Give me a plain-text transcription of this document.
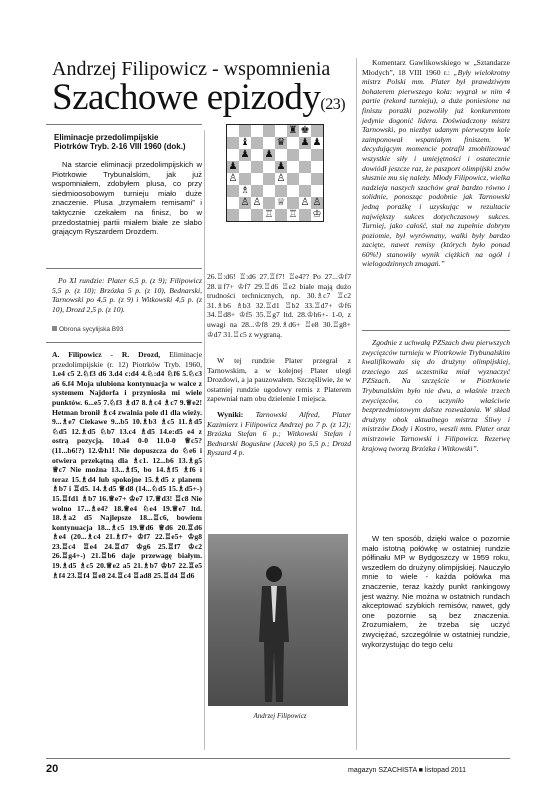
Andrzej Filipowicz - wspomnienia
Szachowe epizody(23)
Eliminacje przedolimpijskie
Piotrków Tryb. 2-16 VIII 1960 (dok.)
Na starcie eliminacji przedolimpijskich w Piotrkowie Trybunalskim, jak już wspomniałem, zdobyłem plusa, co przy siedmioosobowym turnieju miało duże znaczenie. Plusa „trzymałem remisami” i taktycznie czekałem na finisz, bo w przedostatniej partii miałem białe ze słabo grającym Ryszardem Drozdem.
Po XI rundzie: Plater 6,5 p. (z 9); Filipowicz 5,5 p. (z 10); Brzózka 5 p. (z 10), Bednarski, Tarnowski po 4,5 p. (z 9) i Witkowski 4,5 p. (z 10), Drozd 2,5 p. (z 10).
Obrona sycylijska B93
A. Filipowicz - R. Drozd, Eliminacje przedolimpijskie (r. 12) Piotrków Tryb. 1960, 1.e4 c5 2.♘f3 d6 3.d4 c:d4 4.♘:d4 ♘f6 5.♘c3 a6 6.f4 Moja ulubiona kontynuacja w walce z systemem Najdorfa i przyniosła mi wiele punktów. 6...e5 7.♘f3 ♗d7 8.♗c4 ♗c7 9.♕e2! Hetman bronił ♗c4 zwalnia pole d1 dla wieży. 9...♗e7 Ciekawe 9...b5 10.♗b3 ♗c5 11.♗d5 ♘d5 12.♗d5 ♘b7 13.c4 ♗d5 14.e:d5 e4 z ostrą pozycją. 10.a4 0-0 11.0-0 ♕c5? (11...b6!?) 12.♔h1! Nie dopuszcza do ♘e6 i otwiera przekątną dla ♗c1. 12...b6 13.♗g5 ♕c7 Nie można 13...♗f5, bo 14.♗f5 ♗f6 i teraz 15.♗d4 lub spokojne 15.♗d5 z planem ♗b7 i ♖d5. 14.♗d5 ♕d8 (14...♘d5 15.♗d5+-) 15.♖fd1 ♗b7 16.♕e7+ ♔e7 17.♕d3! ♖c8 Nie wolno 17...♗e4? 18.♕e4 ♘e4 19.♕e7 ltd. 18.♗a2 d5 Najlepsze 18...♖c6, bowiem kontynuacja 18...♗c5 19.♕d6 ♕d6 20.♖d6 ♗e4 (20...♗c4 21.♗f7+ ♔f7 22.♖e5+ ♔g8 23.♖c4 ♖e4 24.♖d7 ♔g6 25.♖f7 ♔c2 26.♖g4+-) 21.♖b6 daje przewagę białym. 19.♗d5 ♗c5 20.♕e2 a5 21.♗b7 ♔b7 22.♖e5 ♗f4 23.♖f4 ♖e8 24.♖c4 ♖ad8 25.♖d4 ♖d6
♜ ♚
♝	♛ ♟ ♟
♟ ♟
♟	♟
♙	♙
♗
♙ ♙ ♕ ♙ ♙
♖ ♖ ♔
26.♖:d6! ♖:d6 27.♖f7! ♖e4?? Po 27...♔f7 28.♕f7+ ♔f7 29.♖d6 ♖e2 białe mają dużo trudności technicznych, np. 30.♗c7 ♖c2 31.♗b6 ♗b3 32.♖d1 ♖b2 33.♖d7+ ♔f6 34.♖d8+ ♔f5 35.♖g7 ltd. 28.♔h6+- 1-0, z uwagi na 28...♔f8 29.♗d6+ ♖e8 30.♖g8+ ♔d7 31.♖c5 z wygraną.
W tej rundzie Plater przegrał z Tarnowskim, a w kolejnej Plater uległ Drozdowi, a ja pauzowałem. Szczęśliwie, że w ostatniej rundzie ugodowy remis z Platerem zapewniał nam obu dzielenie I miejsca.
Wyniki: Tarnowski Alfred, Plater Kazimierz i Filipowicz Andrzej po 7 p. (z 12); Brzózka Stefan 6 p.; Witkowski Stefan i Bednarski Bogusław (Jacek) po 5,5 p.; Drozd Ryszard 4 p.
Andrzej Filipowicz
Komentarz Gawlikowskiego w „Sztandarze Młodych”, 18 VIII 1960 r.: „Były wielokrotny mistrz Polski mm. Plater był prawdziwym bohaterem pierwszego koła: wygrał w nim 4 partie (rekord turnieju), a duże poniesione na finiszu porażki pozwoliły już konkurentom jedynie dogonić lidera. Doświadczony mistrz Tarnowski, po niezbyt udanym pierwszym kole zaimponował wspaniałym finiszem. W decydującym momencie potrafił zmobilizować wszystkie siły i umiejętności i ostatecznie dowiódł jeszcze raz, że paszport olimpijski znów słusznie mu się należy. Młody Filipowicz, wielka nadzieja naszych szachów grał bardzo równo i solidnie, ponosząc podobnie jak Tarnowski jedną porażkę i uzyskując w rezultacie największy sukces dotychczasowy sukces. Turniej, jako całość, stał na zupełnie dobrym poziomie, był wyrównany, walki były bardzo zacięte, nawet remisy (których było ponad 60%!) stanowiły wynik ciężkich na ogół i wielogodzinnych zmagań.”
Zgodnie z uchwałą PZSzach dwu pierwszych zwycięzców turnieju w Piotrkowie Trybunalskim kwalifikowało się do drużyny olimpijskiej, trzeciego zaś uczestnika miał wyznaczyć PZSzach. Na szczęście w Piotrkowie Trybunalskim było nie dwu, a właśnie trzech zwycięzców, co uczyniło właściwie bezprzedmiotowym dalsze rozważania. W skład drużyny obok aktualnego mistrza Śliwy i mistrzów Dody i Kostro, weszli mm. Plater oraz mistrzowie Tarnowski i Filipowicz. Rezerwę krajową tworzą Brzózka i Witkowski”.
W ten sposób, dzięki walce o pozornie mało istotną połówkę w ostatniej rundzie półfinału MP w Bydgoszczy w 1959 roku, wszedłem do drużyny olimpijskiej. Nauczyło mnie to wiele - każda połówka ma znaczenie, teraz każdy punkt rankingowy jest ważny. Nie można w ostatnich rundach akceptować szybkich remisów, nawet, gdy one pozornie są bez znaczenia. Zrozumiałem, że trzeba się uczyć zwyciężać, szczególnie w ostatniej rundzie, wykorzystując do tego celu
20	magazyn SZACHISTA ■ listopad 2011
